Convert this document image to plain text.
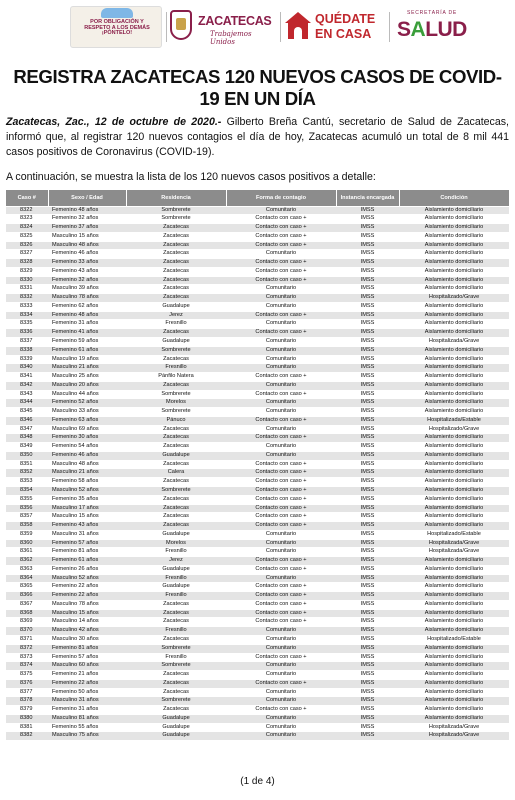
POR OBLIGACIÓN Y
RESPETO A LOS DEMÁS
¡PÓNTELO!
ZACATECAS
Trabajemos Unidos
QUÉDATE
EN CASA
SECRETARÍA DE
SALUD
REGISTRA ZACATECAS 120 NUEVOS CASOS DE COVID-19 EN UN DÍA

Zacatecas, Zac., 12 de octubre de 2020.- Gilberto Breña Cantú, secretario de Salud de Zacatecas, informó que, al registrar 120 nuevos contagios el día de hoy, Zacatecas acumuló un total de 8 mil 441 casos positivos de Coronavirus (COVID-19).

A continuación, se muestra la lista de los 120 nuevos casos positivos a detalle:

Caso #	Sexo / Edad	Residencia	Forma de contagio	Instancia encargada	Condición
8322	Femenino 48 años	Sombrerete	Comunitario	IMSS	Aislamiento domiciliario
8323	Femenino 32 años	Sombrerete	Contacto con caso +	IMSS	Aislamiento domiciliario
8324	Femenino 37 años	Zacatecas	Contacto con caso +	IMSS	Aislamiento domiciliario
8325	Masculino 15 años	Zacatecas	Contacto con caso +	IMSS	Aislamiento domiciliario
8326	Masculino 48 años	Zacatecas	Contacto con caso +	IMSS	Aislamiento domiciliario
8327	Femenino 46 años	Zacatecas	Comunitario	IMSS	Aislamiento domiciliario
8328	Femenino 33 años	Zacatecas	Contacto con caso +	IMSS	Aislamiento domiciliario
8329	Femenino 43 años	Zacatecas	Contacto con caso +	IMSS	Aislamiento domiciliario
8330	Femenino 32 años	Zacatecas	Contacto con caso +	IMSS	Aislamiento domiciliario
8331	Masculino 39 años	Zacatecas	Comunitario	IMSS	Aislamiento domiciliario
8332	Masculino 78 años	Zacatecas	Comunitario	IMSS	Hospitalizado/Grave
8333	Femenino 62 años	Guadalupe	Comunitario	IMSS	Aislamiento domiciliario
8334	Femenino 48 años	Jerez	Contacto con caso +	IMSS	Aislamiento domiciliario
8335	Femenino 31 años	Fresnillo	Comunitario	IMSS	Aislamiento domiciliario
8336	Femenino 41 años	Zacatecas	Contacto con caso +	IMSS	Aislamiento domiciliario
8337	Femenino 59 años	Guadalupe	Comunitario	IMSS	Hospitalizada/Grave
8338	Femenino 61 años	Sombrerete	Comunitario	IMSS	Aislamiento domiciliario
8339	Masculino 19 años	Zacatecas	Comunitario	IMSS	Aislamiento domiciliario
8340	Masculino 21 años	Fresnillo	Comunitario	IMSS	Aislamiento domiciliario
8341	Masculino 25 años	Pánfilo Natera	Contacto con caso +	IMSS	Aislamiento domiciliario
8342	Masculino 20 años	Zacatecas	Comunitario	IMSS	Aislamiento domiciliario
8343	Masculino 44 años	Sombrerete	Contacto con caso +	IMSS	Aislamiento domiciliario
8344	Femenino 52 años	Morelos	Comunitario	IMSS	Aislamiento domiciliario
8345	Masculino 33 años	Sombrerete	Comunitario	IMSS	Aislamiento domiciliario
8346	Femenino 63 años	Pánuco	Contacto con caso +	IMSS	Hospitalizada/Estable
8347	Masculino 69 años	Zacatecas	Comunitario	IMSS	Hospitalizado/Grave
8348	Femenino 30 años	Zacatecas	Contacto con caso +	IMSS	Aislamiento domiciliario
8349	Femenino 54 años	Zacatecas	Comunitario	IMSS	Aislamiento domiciliario
8350	Femenino 46 años	Guadalupe	Comunitario	IMSS	Aislamiento domiciliario
8351	Masculino 48 años	Zacatecas	Contacto con caso +	IMSS	Aislamiento domiciliario
8352	Masculino 21 años	Calera	Contacto con caso +	IMSS	Aislamiento domiciliario
8353	Femenino 58 años	Zacatecas	Contacto con caso +	IMSS	Aislamiento domiciliario
8354	Masculino 52 años	Sombrerete	Contacto con caso +	IMSS	Aislamiento domiciliario
8355	Femenino 35 años	Zacatecas	Contacto con caso +	IMSS	Aislamiento domiciliario
8356	Masculino 17 años	Zacatecas	Contacto con caso +	IMSS	Aislamiento domiciliario
8357	Masculino 15 años	Zacatecas	Contacto con caso +	IMSS	Aislamiento domiciliario
8358	Femenino 43 años	Zacatecas	Contacto con caso +	IMSS	Aislamiento domiciliario
8359	Masculino 31 años	Guadalupe	Comunitario	IMSS	Hospitalizado/Estable
8360	Femenino 57 años	Morelos	Comunitario	IMSS	Hospitalizada/Grave
8361	Femenino 81 años	Fresnillo	Comunitario	IMSS	Hospitalizada/Grave
8362	Femenino 61 años	Jerez	Contacto con caso +	IMSS	Aislamiento domiciliario
8363	Femenino 26 años	Guadalupe	Contacto con caso +	IMSS	Aislamiento domiciliario
8364	Masculino 52 años	Fresnillo	Comunitario	IMSS	Aislamiento domiciliario
8365	Femenino 22 años	Guadalupe	Contacto con caso +	IMSS	Aislamiento domiciliario
8366	Femenino 22 años	Fresnillo	Contacto con caso +	IMSS	Aislamiento domiciliario
8367	Masculino 78 años	Zacatecas	Contacto con caso +	IMSS	Aislamiento domiciliario
8368	Masculino 15 años	Zacatecas	Contacto con caso +	IMSS	Aislamiento domiciliario
8369	Masculino 14 años	Zacatecas	Contacto con caso +	IMSS	Aislamiento domiciliario
8370	Masculino 42 años	Fresnillo	Comunitario	IMSS	Aislamiento domiciliario
8371	Masculino 30 años	Zacatecas	Comunitario	IMSS	Hospitalizado/Estable
8372	Femenino 81 años	Sombrerete	Comunitario	IMSS	Aislamiento domiciliario
8373	Femenino 57 años	Fresnillo	Contacto con caso +	IMSS	Aislamiento domiciliario
8374	Masculino 60 años	Sombrerete	Comunitario	IMSS	Aislamiento domiciliario
8375	Femenino 21 años	Zacatecas	Comunitario	IMSS	Aislamiento domiciliario
8376	Femenino 22 años	Zacatecas	Contacto con caso +	IMSS	Aislamiento domiciliario
8377	Femenino 50 años	Zacatecas	Comunitario	IMSS	Aislamiento domiciliario
8378	Masculino 31 años	Sombrerete	Comunitario	IMSS	Aislamiento domiciliario
8379	Femenino 31 años	Zacatecas	Contacto con caso +	IMSS	Aislamiento domiciliario
8380	Masculino 81 años	Guadalupe	Comunitario	IMSS	Aislamiento domiciliario
8381	Femenino 55 años	Guadalupe	Comunitario	IMSS	Hospitalizada/Grave
8382	Masculino 75 años	Guadalupe	Comunitario	IMSS	Hospitalizado/Grave
(1 de 4)
